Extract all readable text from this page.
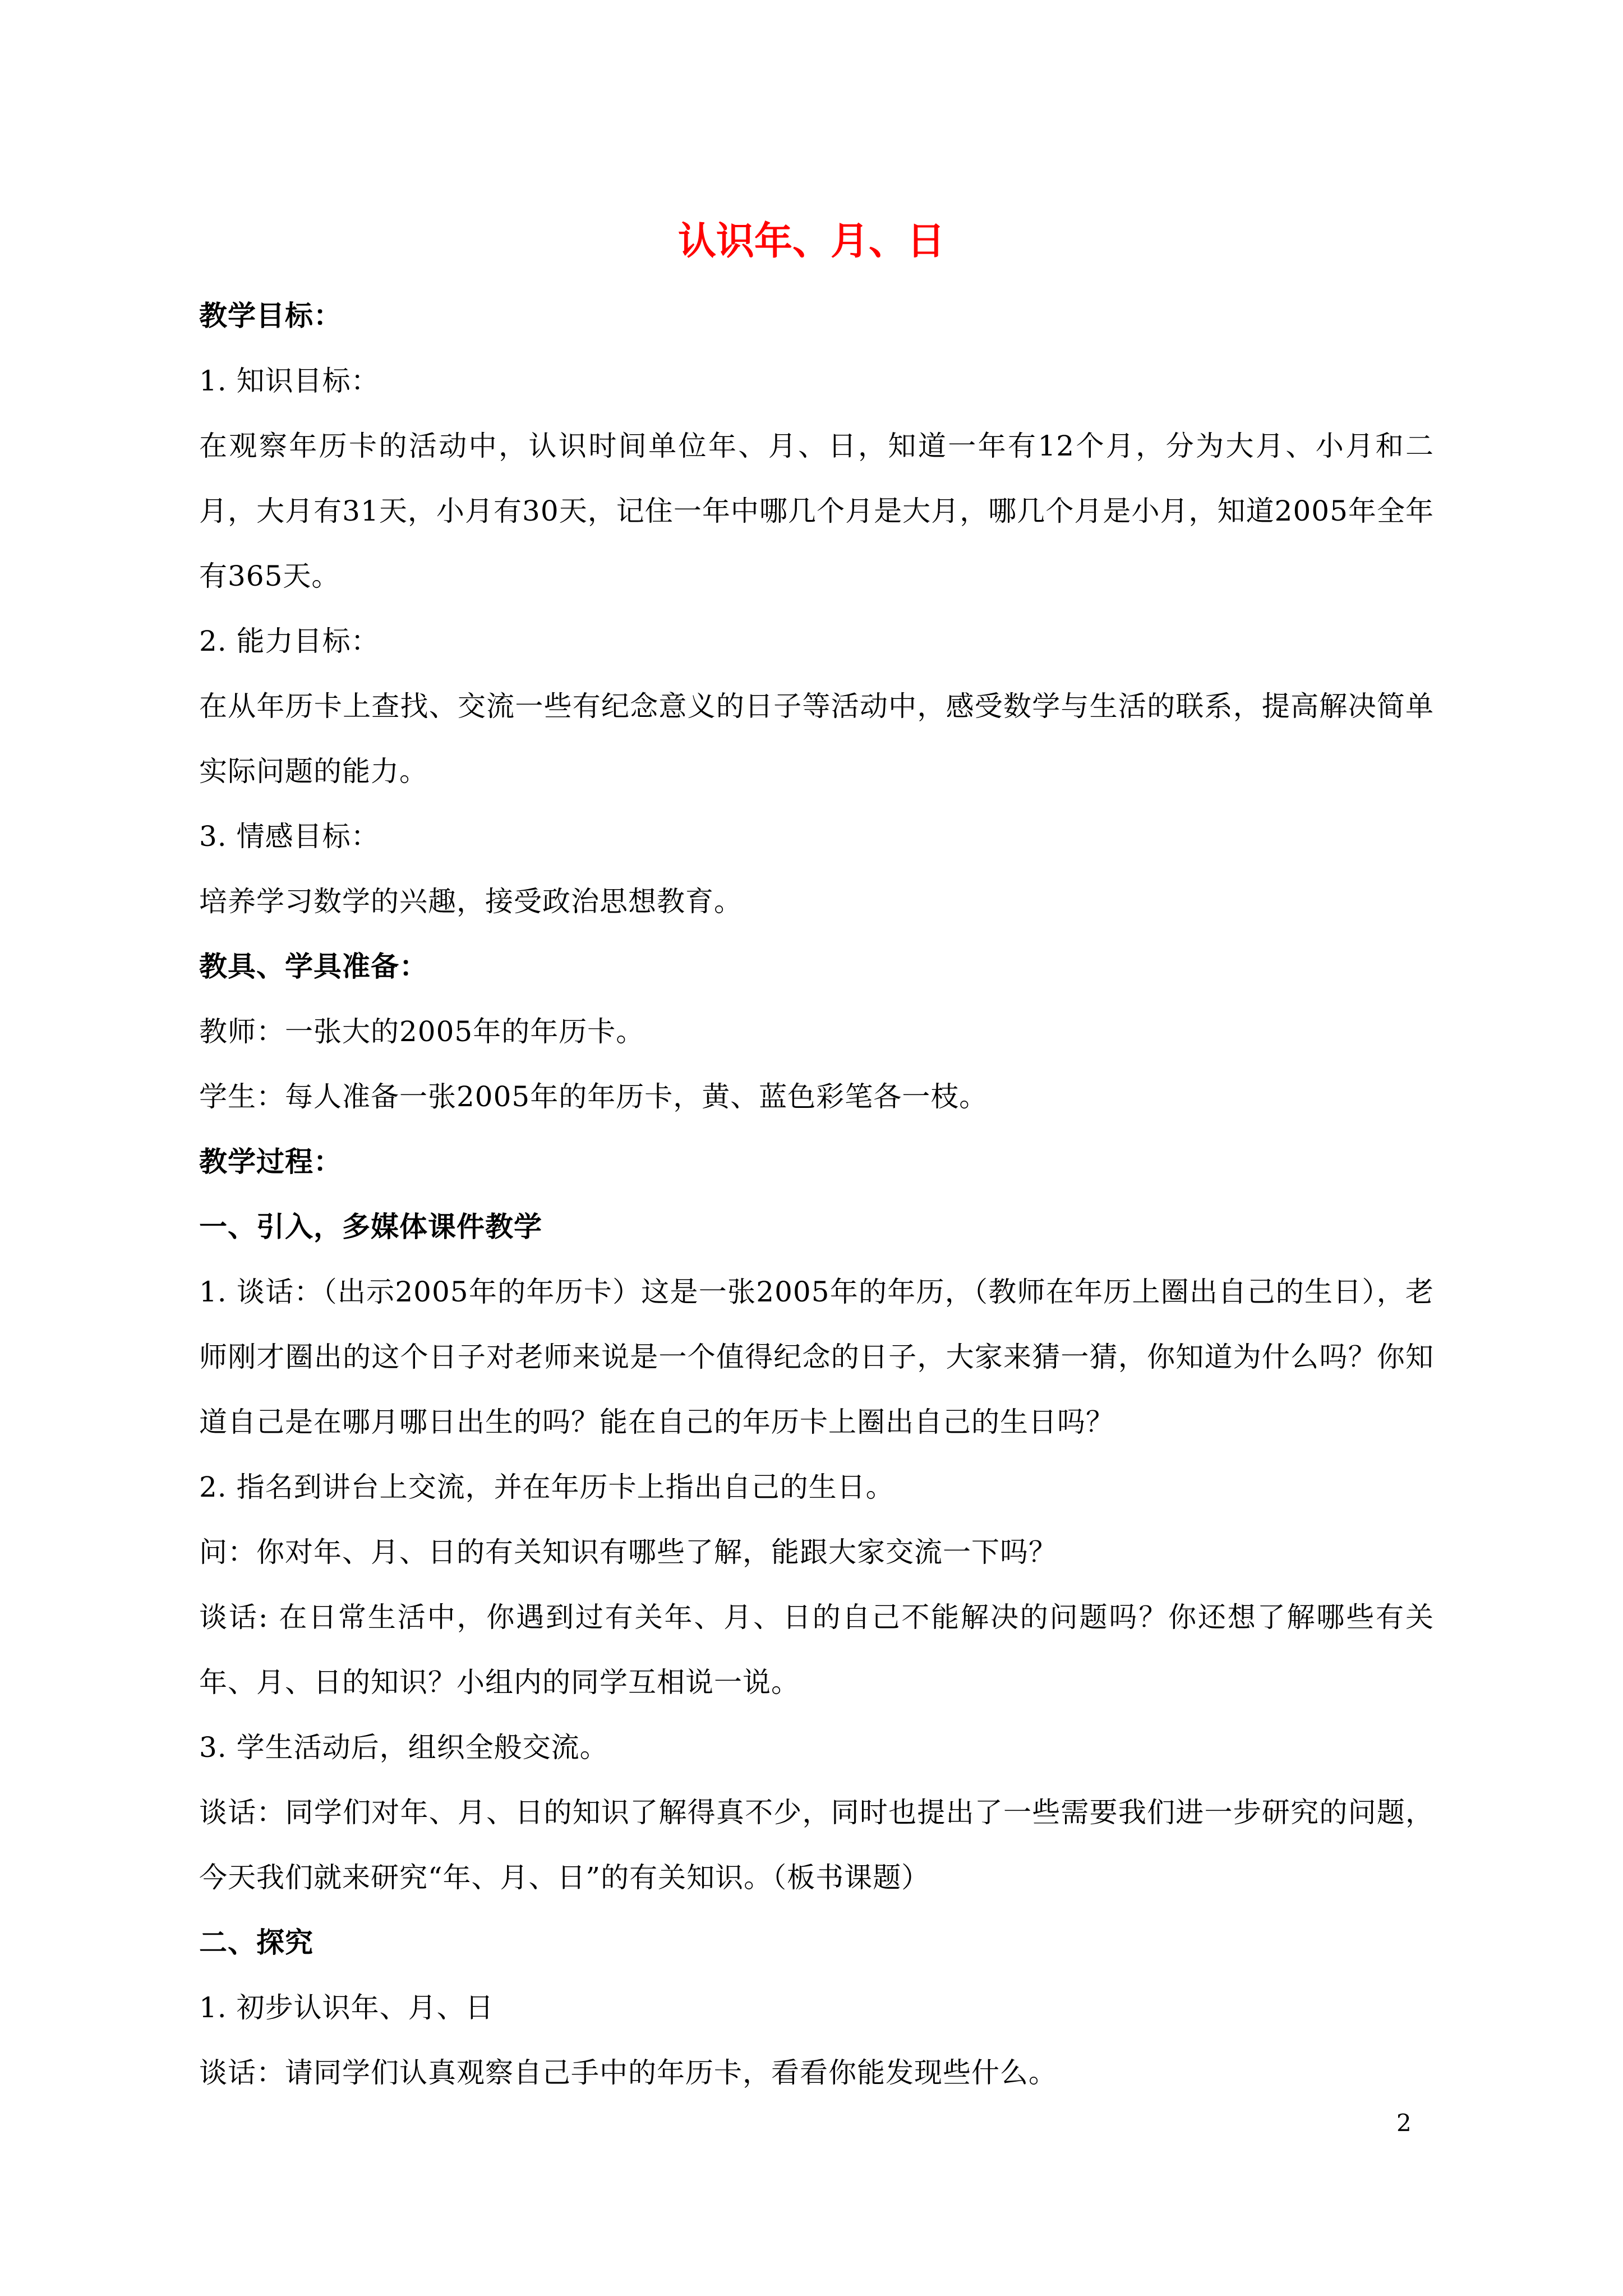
认识年、月、日

教学目标：

1. 知识目标：

在观察年历卡的活动中，认识时间单位年、月、日，知道一年有12个月，分为大月、小月和二月，大月有31天，小月有30天，记住一年中哪几个月是大月，哪几个月是小月，知道2005年全年有365天。

2. 能力目标：

在从年历卡上查找、交流一些有纪念意义的日子等活动中，感受数学与生活的联系，提高解决简单实际问题的能力。

3. 情感目标：

培养学习数学的兴趣，接受政治思想教育。

教具、学具准备：

教师：一张大的2005年的年历卡。

学生：每人准备一张2005年的年历卡，黄、蓝色彩笔各一枝。

教学过程：

一、引入，多媒体课件教学

1. 谈话：（出示2005年的年历卡）这是一张2005年的年历，（教师在年历上圈出自己的生日），老师刚才圈出的这个日子对老师来说是一个值得纪念的日子，大家来猜一猜，你知道为什么吗？你知道自己是在哪月哪日出生的吗？能在自己的年历卡上圈出自己的生日吗？

2. 指名到讲台上交流，并在年历卡上指出自己的生日。

问：你对年、月、日的有关知识有哪些了解，能跟大家交流一下吗？

谈话: 在日常生活中，你遇到过有关年、月、日的自己不能解决的问题吗？你还想了解哪些有关年、月、日的知识？小组内的同学互相说一说。

3. 学生活动后，组织全般交流。

谈话：同学们对年、月、日的知识了解得真不少，同时也提出了一些需要我们进一步研究的问题，今天我们就来研究“年、月、日”的有关知识。（板书课题）

二、探究

1. 初步认识年、月、日

谈话：请同学们认真观察自己手中的年历卡，看看你能发现些什么。

2
